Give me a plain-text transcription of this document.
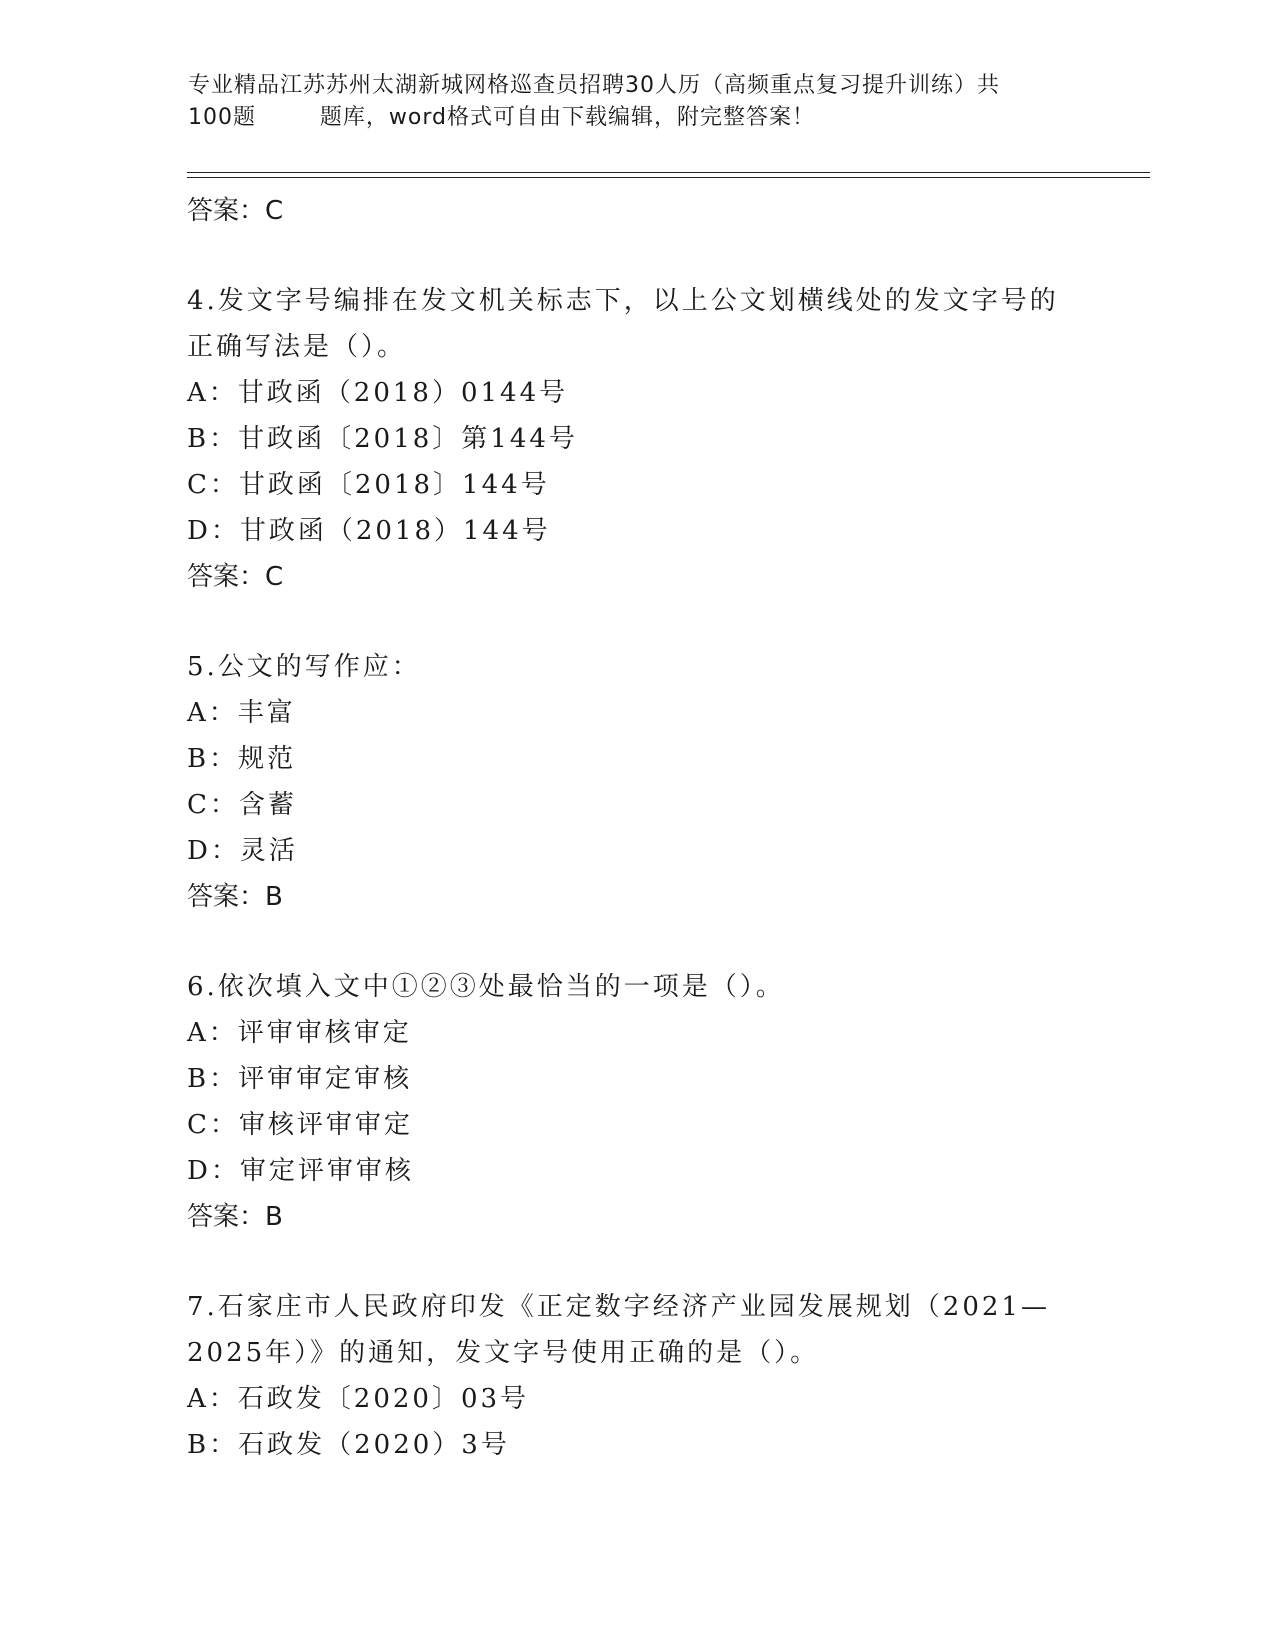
专业精品江苏苏州太湖新城网格巡查员招聘30人历（高频重点复习提升训练）共
100题        题库，word格式可自由下载编辑，附完整答案！
答案：C
4.发文字号编排在发文机关标志下，以上公文划横线处的发文字号的
正确写法是（）。
A：甘政函（2018）0144号
B：甘政函〔2018〕第144号
C：甘政函〔2018〕144号
D：甘政函（2018）144号
答案：C
5.公文的写作应：
A：丰富
B：规范
C：含蓄
D：灵活
答案：B
6.依次填入文中①②③处最恰当的一项是（）。
A：评审审核审定
B：评审审定审核
C：审核评审审定
D：审定评审审核
答案：B
7.石家庄市人民政府印发《正定数字经济产业园发展规划（2021—
2025年）》的通知，发文字号使用正确的是（）。
A：石政发〔2020〕03号
B：石政发（2020）3号
